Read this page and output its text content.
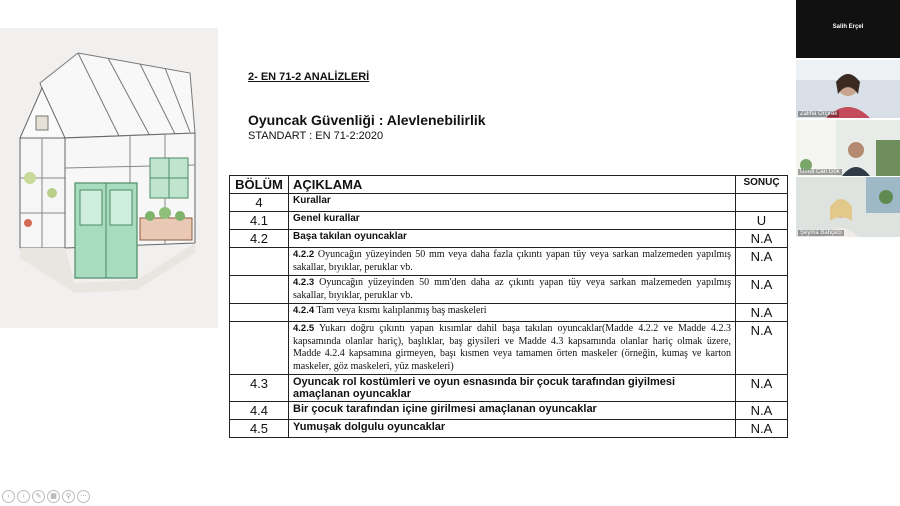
2- EN 71-2 ANALİZLERİ
Oyuncak Güvenliği : Alevlenebilirlik
STANDART : EN 71-2:2020
BÖLÜM	AÇIKLAMA	SONUÇ
4	Kurallar	
4.1	Genel kurallar	U
4.2	Başa takılan oyuncaklar	N.A
	4.2.2 Oyuncağın yüzeyinden 50 mm veya daha fazla çıkıntı yapan tüy veya sarkan malzemeden yapılmış sakallar, bıyıklar, peruklar vb.	N.A
	4.2.3 Oyuncağın yüzeyinden 50 mm'den daha az çıkıntı yapan tüy veya sarkan malzemeden yapılmış sakallar, bıyıklar, peruklar vb.	N.A
	4.2.4 Tam veya kısmı kalıplanmış baş maskeleri	N.A
	4.2.5 Yukarı doğru çıkıntı yapan kısımlar dahil başa takılan oyuncaklar(Madde 4.2.2 ve Madde 4.2.3 kapsamında olanlar hariç), başlıklar, baş giysileri ve Madde 4.3 kapsamında olanlar hariç olmak üzere, Madde 4.2.4 kapsamına girmeyen, başı kısmen veya tamamen örten maskeler (örneğin, kumaş ve karton maskeler, göz maskeleri, yüz maskeleri)	N.A
4.3	Oyuncak rol kostümleri ve oyun esnasında bir çocuk tarafından giyilmesi amaçlanan oyuncaklar	N.A
4.4	Bir çocuk tarafından içine girilmesi amaçlanan oyuncaklar	N.A
4.5	Yumuşak dolgulu oyuncaklar	N.A
Salih Erçel
Zaliha Örçirak
Umut Can Gök
Şeyma Bahçeci
‹	›	✎	▦	⚲	⋯
